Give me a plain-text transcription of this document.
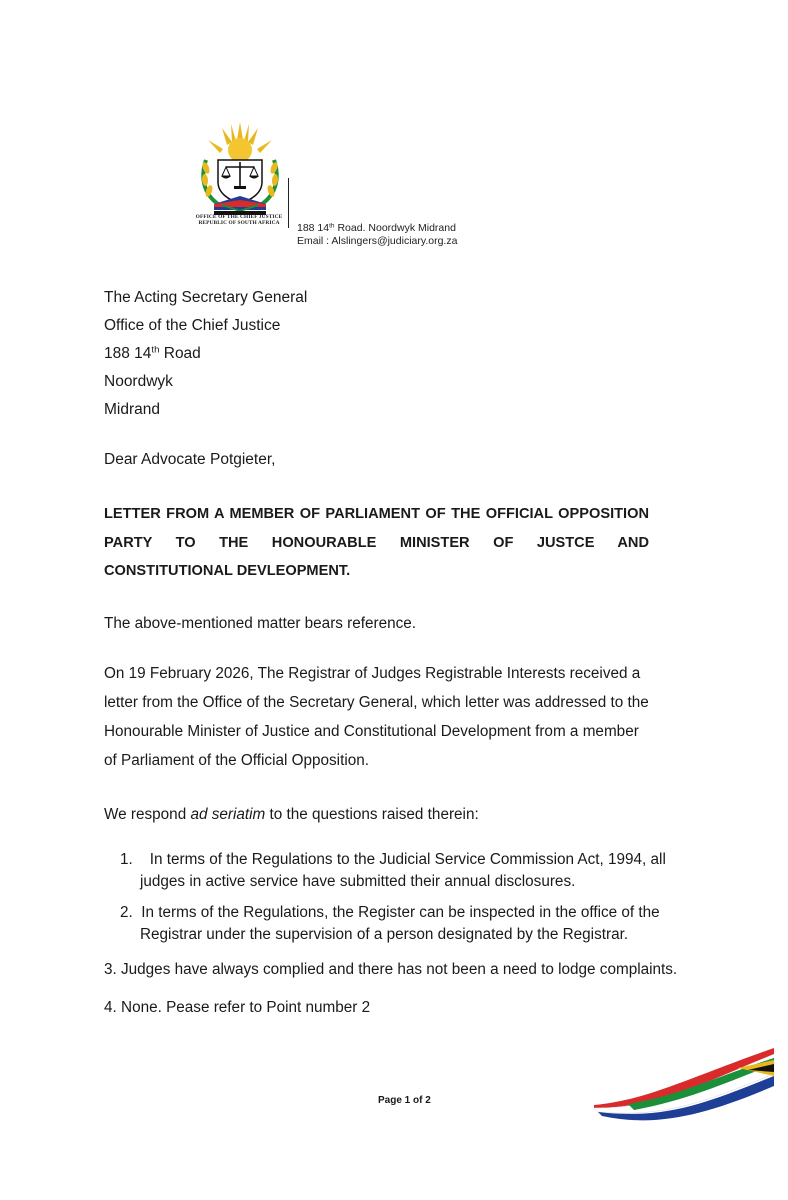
OFFICE OF THE CHIEF JUSTICE
REPUBLIC OF SOUTH AFRICA	188 14th Road. Noordwyk Midrand
Email : Alslingers@judiciary.org.za
The Acting Secretary General
Office of the Chief Justice
188 14th Road
Noordwyk
Midrand
Dear Advocate Potgieter,
LETTER FROM A MEMBER OF PARLIAMENT OF THE OFFICIAL OPPOSITION
PARTY TO THE HONOURABLE MINISTER OF JUSTCE AND
CONSTITUTIONAL DEVLEOPMENT.
The above-mentioned matter bears reference.
On 19 February 2026, The Registrar of Judges Registrable Interests received a
letter from the Office of the Secretary General, which letter was addressed to the
Honourable Minister of Justice and Constitutional Development from a member
of Parliament of the Official Opposition.
We respond ad seriatim to the questions raised therein:
1. In terms of the Regulations to the Judicial Service Commission Act, 1994, all
judges in active service have submitted their annual disclosures.
2. In terms of the Regulations, the Register can be inspected in the office of the
Registrar under the supervision of a person designated by the Registrar.
3. Judges have always complied and there has not been a need to lodge complaints.
4. None. Pease refer to Point number 2
Page 1 of 2
